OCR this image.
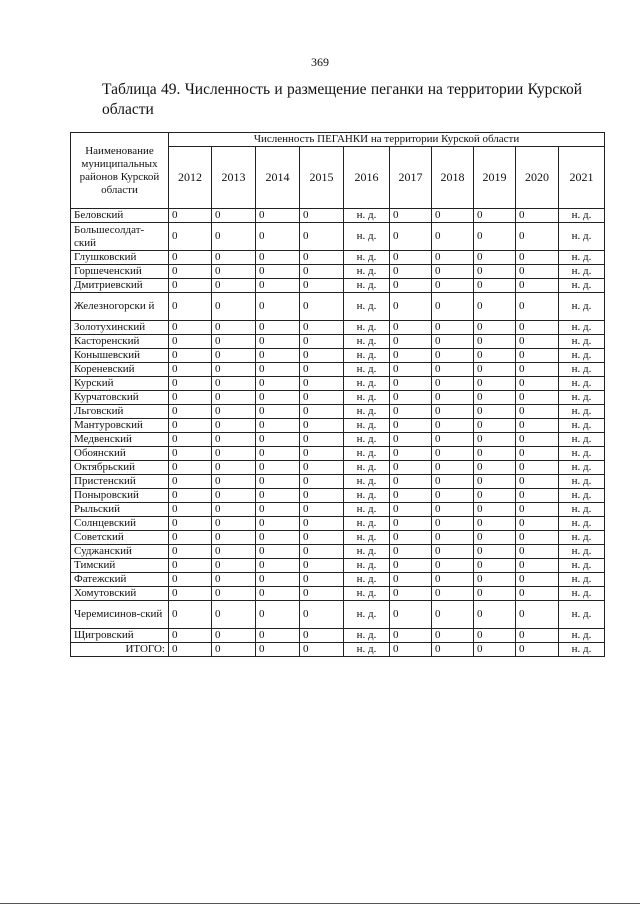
369
Таблица 49. Численность и размещение пеганки на территории Курской области
Наименование муниципальных районов Курской области	Численность ПЕГАНКИ на территории Курской области									
	2012	2013	2014	2015	2016	2017	2018	2019	2020	2021
Беловский	0	0	0	0	н. д.	0	0	0	0	н. д.
Большесолдат-ский	0	0	0	0	н. д.	0	0	0	0	н. д.
Глушковский	0	0	0	0	н. д.	0	0	0	0	н. д.
Горшеченский	0	0	0	0	н. д.	0	0	0	0	н. д.
Дмитриевский	0	0	0	0	н. д.	0	0	0	0	н. д.
Железногорски й	0	0	0	0	н. д.	0	0	0	0	н. д.
Золотухинский	0	0	0	0	н. д.	0	0	0	0	н. д.
Касторенский	0	0	0	0	н. д.	0	0	0	0	н. д.
Конышевский	0	0	0	0	н. д.	0	0	0	0	н. д.
Кореневский	0	0	0	0	н. д.	0	0	0	0	н. д.
Курский	0	0	0	0	н. д.	0	0	0	0	н. д.
Курчатовский	0	0	0	0	н. д.	0	0	0	0	н. д.
Льговский	0	0	0	0	н. д.	0	0	0	0	н. д.
Мантуровский	0	0	0	0	н. д.	0	0	0	0	н. д.
Медвенский	0	0	0	0	н. д.	0	0	0	0	н. д.
Обоянский	0	0	0	0	н. д.	0	0	0	0	н. д.
Октябрьский	0	0	0	0	н. д.	0	0	0	0	н. д.
Пристенский	0	0	0	0	н. д.	0	0	0	0	н. д.
Поныровский	0	0	0	0	н. д.	0	0	0	0	н. д.
Рыльский	0	0	0	0	н. д.	0	0	0	0	н. д.
Солнцевский	0	0	0	0	н. д.	0	0	0	0	н. д.
Советский	0	0	0	0	н. д.	0	0	0	0	н. д.
Суджанский	0	0	0	0	н. д.	0	0	0	0	н. д.
Тимский	0	0	0	0	н. д.	0	0	0	0	н. д.
Фатежский	0	0	0	0	н. д.	0	0	0	0	н. д.
Хомутовский	0	0	0	0	н. д.	0	0	0	0	н. д.
Черемисинов-ский	0	0	0	0	н. д.	0	0	0	0	н. д.
Щигровский	0	0	0	0	н. д.	0	0	0	0	н. д.
ИТОГО:	0	0	0	0	н. д.	0	0	0	0	н. д.
